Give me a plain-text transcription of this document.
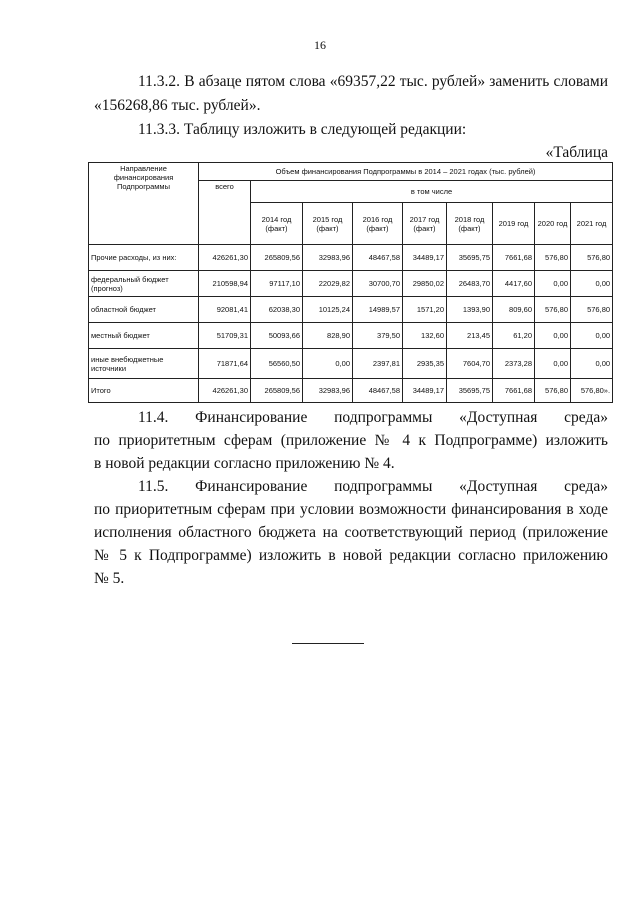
16

11.3.2. В абзаце пятом слова «69357,22 тыс. рублей» заменить словами

«156268,86 тыс. рублей».

11.3.3. Таблицу изложить в следующей редакции:

«Таблица

Направление финансирования Подпрограммы	Объем финансирования Подпрограммы в 2014 – 2021 годах (тыс. рублей)								
	всего	в том числе							
		2014 год (факт)	2015 год (факт)	2016 год (факт)	2017 год (факт)	2018 год (факт)	2019 год	2020 год	2021 год
Прочие расходы, из них:	426261,30	265809,56	32983,96	48467,58	34489,17	35695,75	7661,68	576,80	576,80
федеральный бюджет (прогноз)	210598,94	97117,10	22029,82	30700,70	29850,02	26483,70	4417,60	0,00	0,00
областной бюджет	92081,41	62038,30	10125,24	14989,57	1571,20	1393,90	809,60	576,80	576,80
местный бюджет	51709,31	50093,66	828,90	379,50	132,60	213,45	61,20	0,00	0,00
иные внебюджетные источники	71871,64	56560,50	0,00	2397,81	2935,35	7604,70	2373,28	0,00	0,00
Итого	426261,30	265809,56	32983,96	48467,58	34489,17	35695,75	7661,68	576,80	576,80».

11.4. Финансирование подпрограммы «Доступная среда»

по приоритетным сферам (приложение № 4 к Подпрограмме) изложить

в новой редакции согласно приложению № 4.

11.5. Финансирование подпрограммы «Доступная среда»

по приоритетным сферам при условии возможности финансирования в ходе

исполнения областного бюджета на соответствующий период (приложение

№ 5 к Подпрограмме) изложить в новой редакции согласно приложению

№ 5.
